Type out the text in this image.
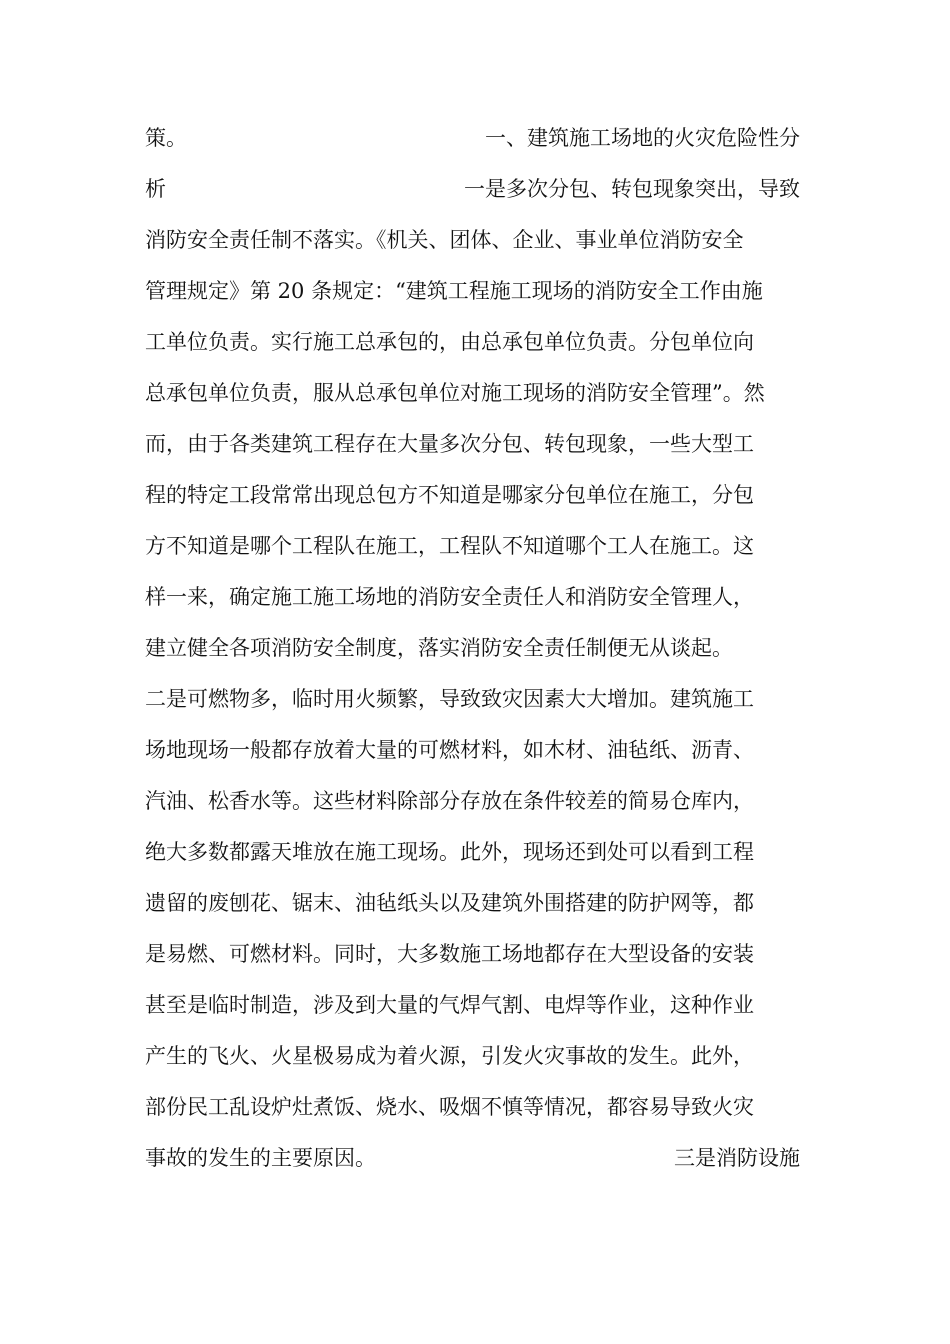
策。	一、建筑施工场地的火灾危险性分
析	一是多次分包、转包现象突出，导致
消防安全责任制不落实。《机关、团体、企业、事业单位消防安全
管理规定》第 20 条规定：“建筑工程施工现场的消防安全工作由施
工单位负责。实行施工总承包的，由总承包单位负责。分包单位向
总承包单位负责，服从总承包单位对施工现场的消防安全管理”。然
而，由于各类建筑工程存在大量多次分包、转包现象，一些大型工
程的特定工段常常出现总包方不知道是哪家分包单位在施工，分包
方不知道是哪个工程队在施工，工程队不知道哪个工人在施工。这
样一来，确定施工施工场地的消防安全责任人和消防安全管理人，
建立健全各项消防安全制度，落实消防安全责任制便无从谈起。
二是可燃物多，临时用火频繁，导致致灾因素大大增加。建筑施工
场地现场一般都存放着大量的可燃材料，如木材、油毡纸、沥青、
汽油、松香水等。这些材料除部分存放在条件较差的简易仓库内，
绝大多数都露天堆放在施工现场。此外，现场还到处可以看到工程
遗留的废刨花、锯末、油毡纸头以及建筑外围搭建的防护网等，都
是易燃、可燃材料。同时，大多数施工场地都存在大型设备的安装
甚至是临时制造，涉及到大量的气焊气割、电焊等作业，这种作业
产生的飞火、火星极易成为着火源，引发火灾事故的发生。此外，
部份民工乱设炉灶煮饭、烧水、吸烟不慎等情况，都容易导致火灾
事故的发生的主要原因。	三是消防设施
